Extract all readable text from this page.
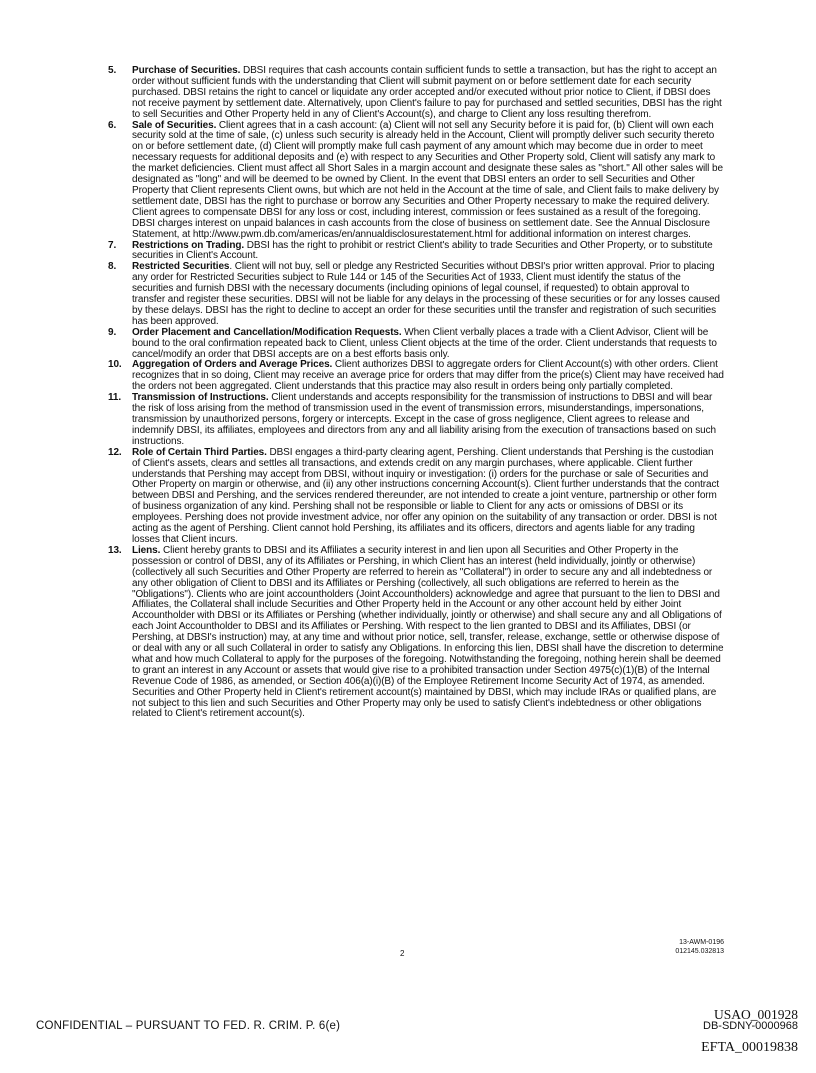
5.	Purchase of Securities. DBSI requires that cash accounts contain sufficient funds to settle a transaction, but has the right to accept an order without sufficient funds with the understanding that Client will submit payment on or before settlement date for each security purchased. DBSI retains the right to cancel or liquidate any order accepted and/or executed without prior notice to Client, if DBSI does not receive payment by settlement date. Alternatively, upon Client's failure to pay for purchased and settled securities, DBSI has the right to sell Securities and Other Property held in any of Client's Account(s), and charge to Client any loss resulting therefrom.
6.	Sale of Securities. Client agrees that in a cash account: (a) Client will not sell any Security before it is paid for, (b) Client will own each security sold at the time of sale, (c) unless such security is already held in the Account, Client will promptly deliver such security thereto on or before settlement date, (d) Client will promptly make full cash payment of any amount which may become due in order to meet necessary requests for additional deposits and (e) with respect to any Securities and Other Property sold, Client will satisfy any mark to the market deficiencies. Client must affect all Short Sales in a margin account and designate these sales as "short." All other sales will be designated as "long" and will be deemed to be owned by Client. In the event that DBSI enters an order to sell Securities and Other Property that Client represents Client owns, but which are not held in the Account at the time of sale, and Client fails to make delivery by settlement date, DBSI has the right to purchase or borrow any Securities and Other Property necessary to make the required delivery. Client agrees to compensate DBSI for any loss or cost, including interest, commission or fees sustained as a result of the foregoing. DBSI charges interest on unpaid balances in cash accounts from the close of business on settlement date. See the Annual Disclosure Statement, at http://www.pwm.db.com/americas/en/annualdisclosurestatement.html for additional information on interest charges.
7.	Restrictions on Trading. DBSI has the right to prohibit or restrict Client's ability to trade Securities and Other Property, or to substitute securities in Client's Account.
8.	Restricted Securities. Client will not buy, sell or pledge any Restricted Securities without DBSI's prior written approval. Prior to placing any order for Restricted Securities subject to Rule 144 or 145 of the Securities Act of 1933, Client must identify the status of the securities and furnish DBSI with the necessary documents (including opinions of legal counsel, if requested) to obtain approval to transfer and register these securities. DBSI will not be liable for any delays in the processing of these securities or for any losses caused by these delays. DBSI has the right to decline to accept an order for these securities until the transfer and registration of such securities has been approved.
9.	Order Placement and Cancellation/Modification Requests. When Client verbally places a trade with a Client Advisor, Client will be bound to the oral confirmation repeated back to Client, unless Client objects at the time of the order. Client understands that requests to cancel/modify an order that DBSI accepts are on a best efforts basis only.
10.	Aggregation of Orders and Average Prices. Client authorizes DBSI to aggregate orders for Client Account(s) with other orders. Client recognizes that in so doing, Client may receive an average price for orders that may differ from the price(s) Client may have received had the orders not been aggregated. Client understands that this practice may also result in orders being only partially completed.
11.	Transmission of Instructions. Client understands and accepts responsibility for the transmission of instructions to DBSI and will bear the risk of loss arising from the method of transmission used in the event of transmission errors, misunderstandings, impersonations, transmission by unauthorized persons, forgery or intercepts. Except in the case of gross negligence, Client agrees to release and indemnify DBSI, its affiliates, employees and directors from any and all liability arising from the execution of transactions based on such instructions.
12.	Role of Certain Third Parties. DBSI engages a third-party clearing agent, Pershing. Client understands that Pershing is the custodian of Client's assets, clears and settles all transactions, and extends credit on any margin purchases, where applicable. Client further understands that Pershing may accept from DBSI, without inquiry or investigation: (i) orders for the purchase or sale of Securities and Other Property on margin or otherwise, and (ii) any other instructions concerning Account(s). Client further understands that the contract between DBSI and Pershing, and the services rendered thereunder, are not intended to create a joint venture, partnership or other form of business organization of any kind. Pershing shall not be responsible or liable to Client for any acts or omissions of DBSI or its employees. Pershing does not provide investment advice, nor offer any opinion on the suitability of any transaction or order. DBSI is not acting as the agent of Pershing. Client cannot hold Pershing, its affiliates and its officers, directors and agents liable for any trading losses that Client incurs.
13.	Liens. Client hereby grants to DBSI and its Affiliates a security interest in and lien upon all Securities and Other Property in the possession or control of DBSI, any of its Affiliates or Pershing, in which Client has an interest (held individually, jointly or otherwise) (collectively all such Securities and Other Property are referred to herein as "Collateral") in order to secure any and all indebtedness or any other obligation of Client to DBSI and its Affiliates or Pershing (collectively, all such obligations are referred to herein as the "Obligations"). Clients who are joint accountholders (Joint Accountholders) acknowledge and agree that pursuant to the lien to DBSI and Affiliates, the Collateral shall include Securities and Other Property held in the Account or any other account held by either Joint Accountholder with DBSI or its Affiliates or Pershing (whether individually, jointly or otherwise) and shall secure any and all Obligations of each Joint Accountholder to DBSI and its Affiliates or Pershing. With respect to the lien granted to DBSI and its Affiliates, DBSI (or Pershing, at DBSI's instruction) may, at any time and without prior notice, sell, transfer, release, exchange, settle or otherwise dispose of or deal with any or all such Collateral in order to satisfy any Obligations. In enforcing this lien, DBSI shall have the discretion to determine what and how much Collateral to apply for the purposes of the foregoing. Notwithstanding the foregoing, nothing herein shall be deemed to grant an interest in any Account or assets that would give rise to a prohibited transaction under Section 4975(c)(1)(B) of the Internal Revenue Code of 1986, as amended, or Section 406(a)(i)(B) of the Employee Retirement Income Security Act of 1974, as amended. Securities and Other Property held in Client's retirement account(s) maintained by DBSI, which may include IRAs or qualified plans, are not subject to this lien and such Securities and Other Property may only be used to satisfy Client's indebtedness or other obligations related to Client's retirement account(s).
2
13-AWM-0196
012145.032813
CONFIDENTIAL – PURSUANT TO FED. R. CRIM. P. 6(e)
USAO_001928
DB-SDNY-0000968
EFTA_00019838
